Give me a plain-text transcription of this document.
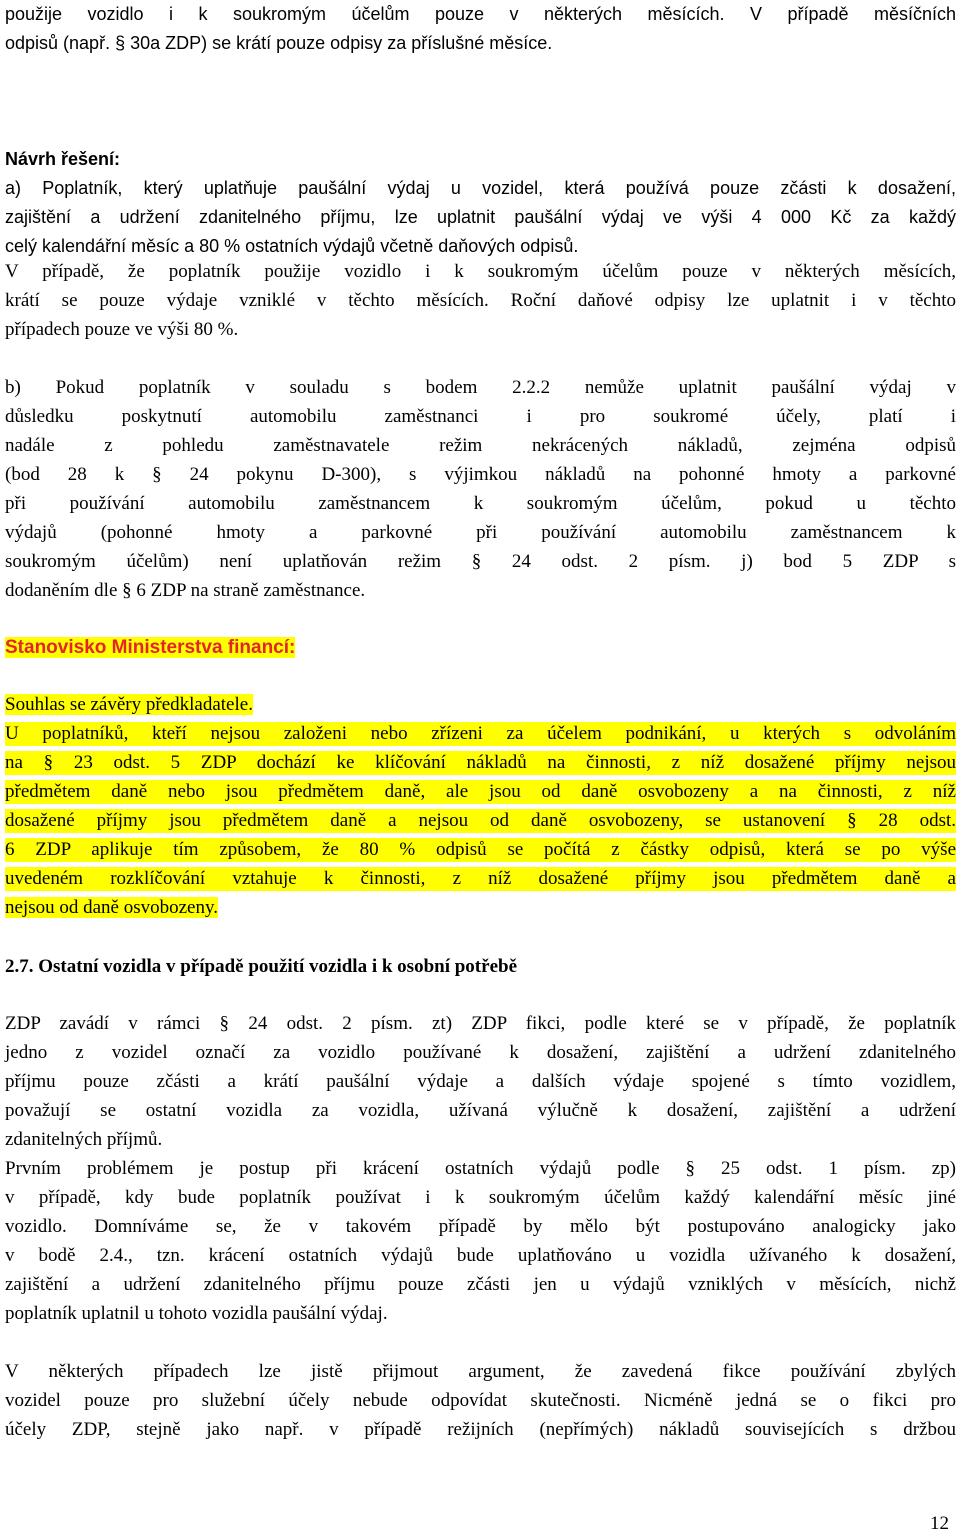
použije vozidlo i k soukromým účelům pouze v některých měsících. V případě měsíčních
odpisů (např. § 30a ZDP) se krátí pouze odpisy za příslušné měsíce.
Návrh řešení:
a) Poplatník, který uplatňuje paušální výdaj u vozidel, která používá pouze zčásti k dosažení,
zajištění a udržení zdanitelného příjmu, lze uplatnit paušální výdaj ve výši 4 000 Kč za každý
celý kalendářní měsíc a 80 % ostatních výdajů včetně daňových odpisů.
V případě, že poplatník použije vozidlo i k soukromým účelům pouze v některých měsících,
krátí se pouze výdaje vzniklé v těchto měsících. Roční daňové odpisy lze uplatnit i v těchto
případech pouze ve výši 80 %.
b) Pokud poplatník v souladu s bodem 2.2.2 nemůže uplatnit paušální výdaj v
důsledku poskytnutí automobilu zaměstnanci i pro soukromé účely, platí i
nadále z pohledu zaměstnavatele režim nekrácených nákladů, zejména odpisů
(bod 28 k § 24 pokynu D-300), s výjimkou nákladů na pohonné hmoty a parkovné
při používání automobilu zaměstnancem k soukromým účelům, pokud u těchto
výdajů (pohonné hmoty a parkovné při používání automobilu zaměstnancem k
soukromým účelům) není uplatňován režim § 24 odst. 2 písm. j) bod 5 ZDP s
dodaněním dle § 6 ZDP na straně zaměstnance.
Stanovisko Ministerstva financí:
Souhlas se závěry předkladatele.
U poplatníků, kteří nejsou založeni nebo zřízeni za účelem podnikání, u kterých s odvoláním
na § 23 odst. 5 ZDP dochází ke klíčování nákladů na činnosti, z níž dosažené příjmy nejsou
předmětem daně nebo jsou předmětem daně, ale jsou od daně osvobozeny a na činnosti, z níž
dosažené příjmy jsou předmětem daně a nejsou od daně osvobozeny, se ustanovení § 28 odst.
6 ZDP aplikuje tím způsobem, že 80 % odpisů se počítá z částky odpisů, která se po výše
uvedeném rozklíčování vztahuje k činnosti, z níž dosažené příjmy jsou předmětem daně a
nejsou od daně osvobozeny.
2.7. Ostatní vozidla v případě použití vozidla i k osobní potřebě
ZDP zavádí v rámci § 24 odst. 2 písm. zt) ZDP fikci, podle které se v případě, že poplatník
jedno z vozidel označí za vozidlo používané k dosažení, zajištění a udržení zdanitelného
příjmu pouze zčásti a krátí paušální výdaje a dalších výdaje spojené s tímto vozidlem,
považují se ostatní vozidla za vozidla, užívaná výlučně k dosažení, zajištění a udržení
zdanitelných příjmů.
Prvním problémem je postup při krácení ostatních výdajů podle § 25 odst. 1 písm. zp)
v případě, kdy bude poplatník používat i k soukromým účelům každý kalendářní měsíc jiné
vozidlo. Domníváme se, že v takovém případě by mělo být postupováno analogicky jako
v bodě 2.4., tzn. krácení ostatních výdajů bude uplatňováno u vozidla užívaného k dosažení,
zajištění a udržení zdanitelného příjmu pouze zčásti jen u výdajů vzniklých v měsících, nichž
poplatník uplatnil u tohoto vozidla paušální výdaj.
V některých případech lze jistě přijmout argument, že zavedená fikce používání zbylých
vozidel pouze pro služební účely nebude odpovídat skutečnosti. Nicméně jedná se o fikci pro
účely ZDP, stejně jako např. v případě režijních (nepřímých) nákladů souvisejících s držbou
12
